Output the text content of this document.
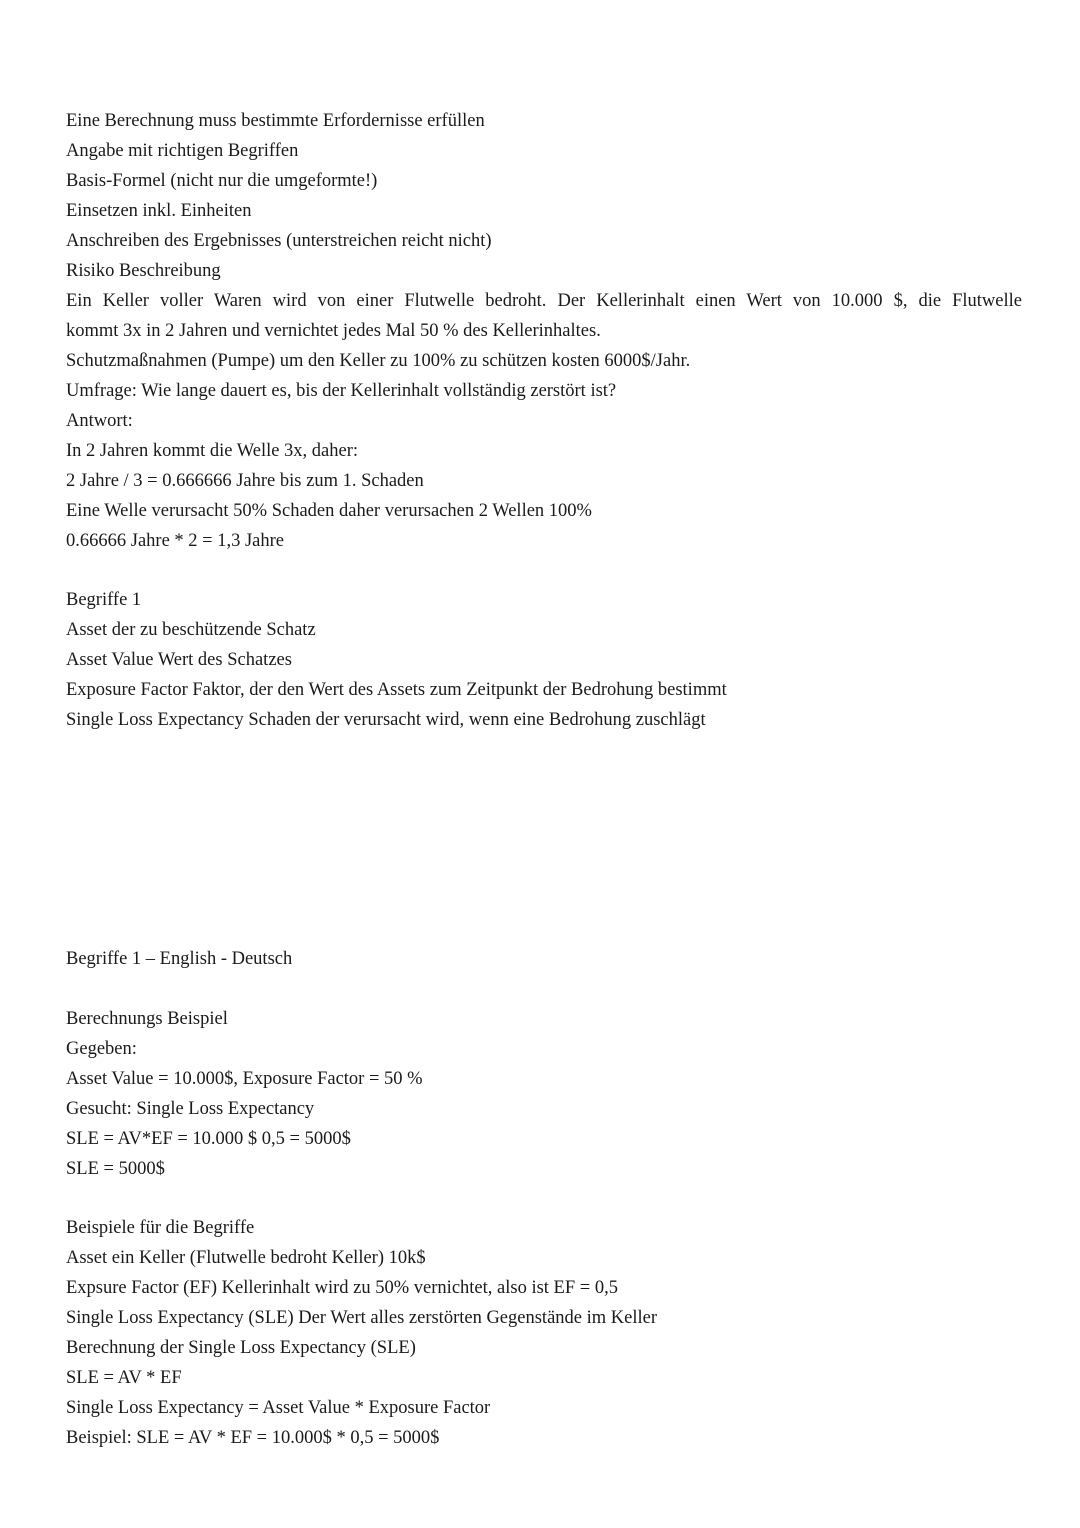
Eine Berechnung muss bestimmte Erfordernisse erfüllen
Angabe mit richtigen Begriffen
Basis-Formel (nicht nur die umgeformte!)
Einsetzen inkl. Einheiten
Anschreiben des Ergebnisses (unterstreichen reicht nicht)
Risiko Beschreibung
Ein Keller voller Waren wird von einer Flutwelle bedroht. Der Kellerinhalt einen Wert von 10.000 $, die Flutwelle
kommt 3x in 2 Jahren und vernichtet jedes Mal 50 % des Kellerinhaltes.
Schutzmaßnahmen (Pumpe) um den Keller zu 100% zu schützen kosten 6000$/Jahr.
Umfrage: Wie lange dauert es, bis der Kellerinhalt vollständig zerstört ist?
Antwort:
In 2 Jahren kommt die Welle 3x, daher:
2 Jahre / 3 = 0.666666 Jahre bis zum 1. Schaden
Eine Welle verursacht 50% Schaden daher verursachen 2 Wellen 100%
0.66666 Jahre * 2 = 1,3 Jahre
Begriffe 1
Asset der zu beschützende Schatz
Asset Value Wert des Schatzes
Exposure Factor Faktor, der den Wert des Assets zum Zeitpunkt der Bedrohung bestimmt
Single Loss Expectancy Schaden der verursacht wird, wenn eine Bedrohung zuschlägt
Begriffe 1 – English - Deutsch
Berechnungs Beispiel
Gegeben:
Asset Value = 10.000$, Exposure Factor = 50 %
Gesucht: Single Loss Expectancy
SLE = AV*EF = 10.000 $ 0,5 = 5000$
SLE = 5000$
Beispiele für die Begriffe
Asset ein Keller (Flutwelle bedroht Keller) 10k$
Expsure Factor (EF) Kellerinhalt wird zu 50% vernichtet, also ist EF = 0,5
Single Loss Expectancy (SLE) Der Wert alles zerstörten Gegenstände im Keller
Berechnung der Single Loss Expectancy (SLE)
SLE = AV * EF
Single Loss Expectancy = Asset Value * Exposure Factor
Beispiel: SLE = AV * EF = 10.000$ * 0,5 = 5000$
